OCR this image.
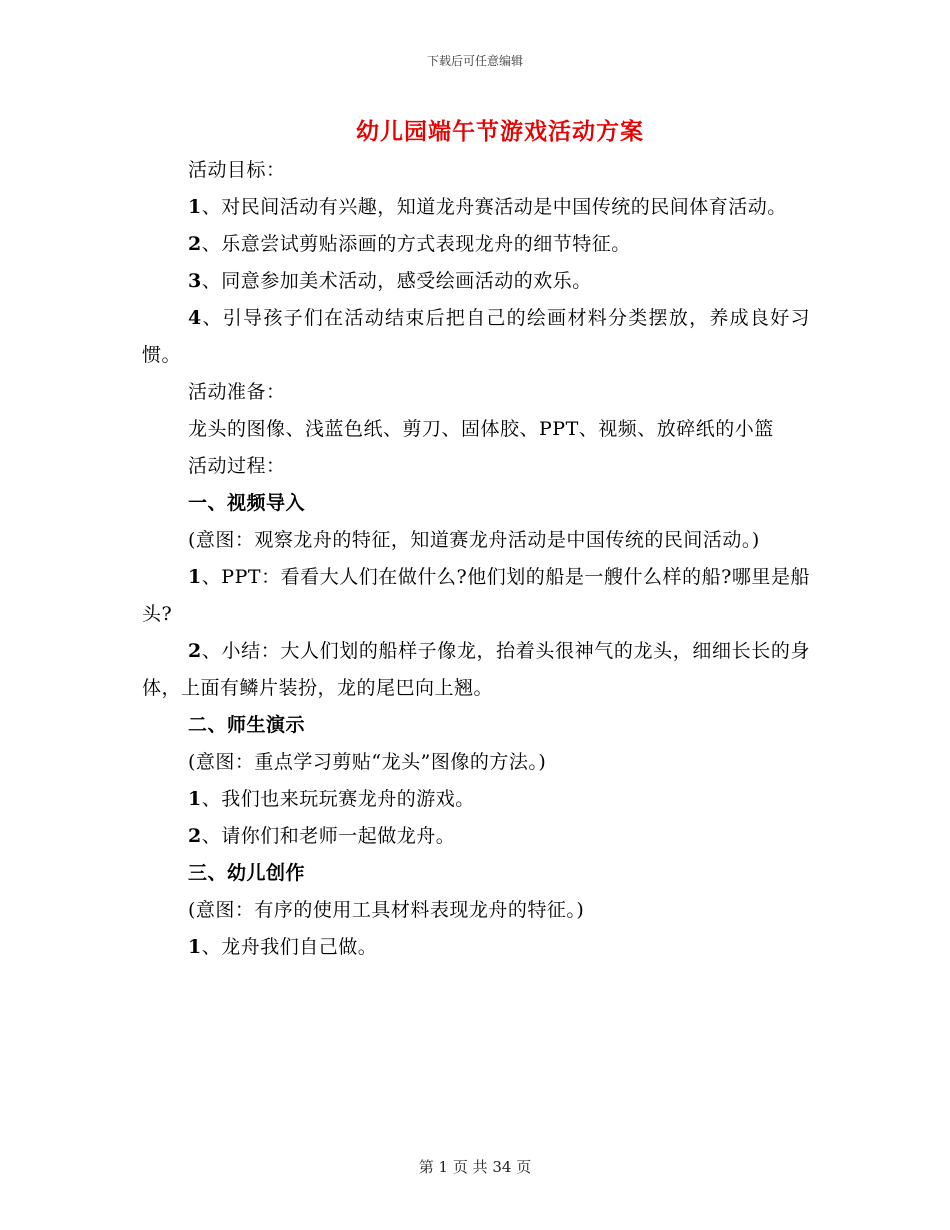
下载后可任意编辑
幼儿园端午节游戏活动方案

活动目标：

1、对民间活动有兴趣，知道龙舟赛活动是中国传统的民间体育活动。

2、乐意尝试剪贴添画的方式表现龙舟的细节特征。

3、同意参加美术活动，感受绘画活动的欢乐。

4、引导孩子们在活动结束后把自己的绘画材料分类摆放，养成良好习惯。

活动准备：

龙头的图像、浅蓝色纸、剪刀、固体胶、PPT、视频、放碎纸的小篮

活动过程：

一、视频导入

(意图：观察龙舟的特征，知道赛龙舟活动是中国传统的民间活动。)

1、PPT：看看大人们在做什么?他们划的船是一艘什么样的船?哪里是船头?

2、小结：大人们划的船样子像龙，抬着头很神气的龙头，细细长长的身体，上面有鳞片装扮，龙的尾巴向上翘。

二、师生演示

(意图：重点学习剪贴“龙头”图像的方法。)

1、我们也来玩玩赛龙舟的游戏。

2、请你们和老师一起做龙舟。

三、幼儿创作

(意图：有序的使用工具材料表现龙舟的特征。)

1、龙舟我们自己做。

第 1 页 共 34 页
